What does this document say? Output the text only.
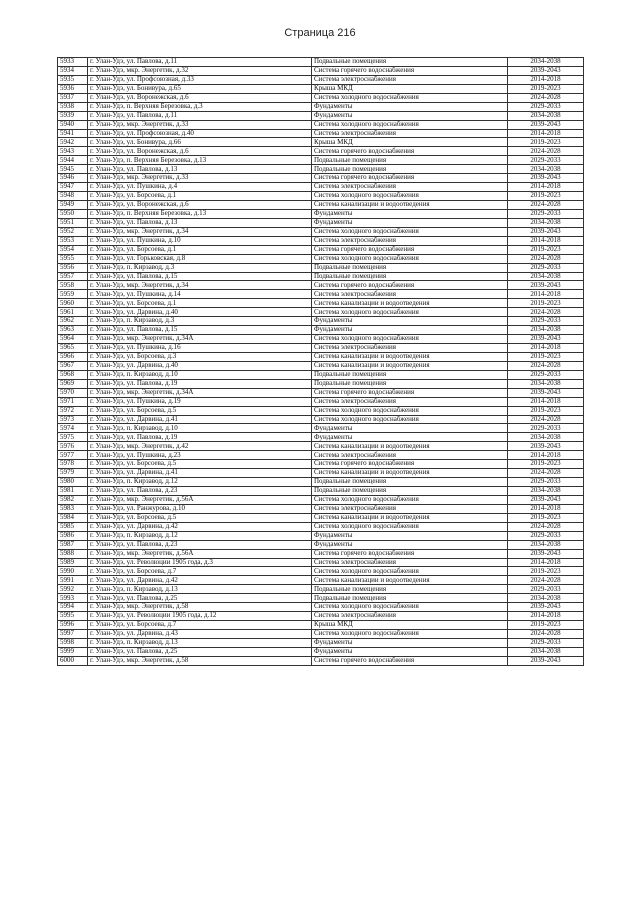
Страница 216
5933	г. Улан-Удэ, ул. Павлова, д.11	Подвальные помещения	2034-2038
5934	г. Улан-Удэ, мкр. Энергетик, д.32	Система горячего водоснабжения	2039-2043
5935	г. Улан-Удэ, ул. Профсоюзная, д.33	Система электроснабжения	2014-2018
5936	г. Улан-Удэ, ул. Бонивура, д.65	Крыша МКД	2019-2023
5937	г. Улан-Удэ, ул. Воронежская, д.6	Система холодного водоснабжения	2024-2028
5938	г. Улан-Удэ, п. Верхняя Березовка, д.3	Фундаменты	2029-2033
5939	г. Улан-Удэ, ул. Павлова, д.11	Фундаменты	2034-2038
5940	г. Улан-Удэ, мкр. Энергетик, д.33	Система холодного водоснабжения	2039-2043
5941	г. Улан-Удэ, ул. Профсоюзная, д.40	Система электроснабжения	2014-2018
5942	г. Улан-Удэ, ул. Бонивура, д.66	Крыша МКД	2019-2023
5943	г. Улан-Удэ, ул. Воронежская, д.6	Система горячего водоснабжения	2024-2028
5944	г. Улан-Удэ, п. Верхняя Березовка, д.13	Подвальные помещения	2029-2033
5945	г. Улан-Удэ, ул. Павлова, д.13	Подвальные помещения	2034-2038
5946	г. Улан-Удэ, мкр. Энергетик, д.33	Система горячего водоснабжения	2039-2043
5947	г. Улан-Удэ, ул. Пушкина, д.4	Система электроснабжения	2014-2018
5948	г. Улан-Удэ, ул. Борсоева, д.1	Система холодного водоснабжения	2019-2023
5949	г. Улан-Удэ, ул. Воронежская, д.6	Система канализации и водоотведения	2024-2028
5950	г. Улан-Удэ, п. Верхняя Березовка, д.13	Фундаменты	2029-2033
5951	г. Улан-Удэ, ул. Павлова, д.13	Фундаменты	2034-2038
5952	г. Улан-Удэ, мкр. Энергетик, д.34	Система холодного водоснабжения	2039-2043
5953	г. Улан-Удэ, ул. Пушкина, д.10	Система электроснабжения	2014-2018
5954	г. Улан-Удэ, ул. Борсоева, д.1	Система горячего водоснабжения	2019-2023
5955	г. Улан-Удэ, ул. Горьковская, д.8	Система холодного водоснабжения	2024-2028
5956	г. Улан-Удэ, п. Кирзавод, д.3	Подвальные помещения	2029-2033
5957	г. Улан-Удэ, ул. Павлова, д.15	Подвальные помещения	2034-2038
5958	г. Улан-Удэ, мкр. Энергетик, д.34	Система горячего водоснабжения	2039-2043
5959	г. Улан-Удэ, ул. Пушкина, д.14	Система электроснабжения	2014-2018
5960	г. Улан-Удэ, ул. Борсоева, д.1	Система канализации и водоотведения	2019-2023
5961	г. Улан-Удэ, ул. Дарвина, д.40	Система холодного водоснабжения	2024-2028
5962	г. Улан-Удэ, п. Кирзавод, д.3	Фундаменты	2029-2033
5963	г. Улан-Удэ, ул. Павлова, д.15	Фундаменты	2034-2038
5964	г. Улан-Удэ, мкр. Энергетик, д.34А	Система холодного водоснабжения	2039-2043
5965	г. Улан-Удэ, ул. Пушкина, д.16	Система электроснабжения	2014-2018
5966	г. Улан-Удэ, ул. Борсоева, д.3	Система канализации и водоотведения	2019-2023
5967	г. Улан-Удэ, ул. Дарвина, д.40	Система канализации и водоотведения	2024-2028
5968	г. Улан-Удэ, п. Кирзавод, д.10	Подвальные помещения	2029-2033
5969	г. Улан-Удэ, ул. Павлова, д.19	Подвальные помещения	2034-2038
5970	г. Улан-Удэ, мкр. Энергетик, д.34А	Система горячего водоснабжения	2039-2043
5971	г. Улан-Удэ, ул. Пушкина, д.19	Система электроснабжения	2014-2018
5972	г. Улан-Удэ, ул. Борсоева, д.5	Система холодного водоснабжения	2019-2023
5973	г. Улан-Удэ, ул. Дарвина, д.41	Система холодного водоснабжения	2024-2028
5974	г. Улан-Удэ, п. Кирзавод, д.10	Фундаменты	2029-2033
5975	г. Улан-Удэ, ул. Павлова, д.19	Фундаменты	2034-2038
5976	г. Улан-Удэ, мкр. Энергетик, д.42	Система канализации и водоотведения	2039-2043
5977	г. Улан-Удэ, ул. Пушкина, д.23	Система электроснабжения	2014-2018
5978	г. Улан-Удэ, ул. Борсоева, д.5	Система горячего водоснабжения	2019-2023
5979	г. Улан-Удэ, ул. Дарвина, д.41	Система канализации и водоотведения	2024-2028
5980	г. Улан-Удэ, п. Кирзавод, д.12	Подвальные помещения	2029-2033
5981	г. Улан-Удэ, ул. Павлова, д.23	Подвальные помещения	2034-2038
5982	г. Улан-Удэ, мкр. Энергетик, д.56А	Система холодного водоснабжения	2039-2043
5983	г. Улан-Удэ, ул. Ранжурова, д.10	Система электроснабжения	2014-2018
5984	г. Улан-Удэ, ул. Борсоева, д.5	Система канализации и водоотведения	2019-2023
5985	г. Улан-Удэ, ул. Дарвина, д.42	Система холодного водоснабжения	2024-2028
5986	г. Улан-Удэ, п. Кирзавод, д.12	Фундаменты	2029-2033
5987	г. Улан-Удэ, ул. Павлова, д.23	Фундаменты	2034-2038
5988	г. Улан-Удэ, мкр. Энергетик, д.56А	Система горячего водоснабжения	2039-2043
5989	г. Улан-Удэ, ул. Революции 1905 года, д.3	Система электроснабжения	2014-2018
5990	г. Улан-Удэ, ул. Борсоева, д.7	Система холодного водоснабжения	2019-2023
5991	г. Улан-Удэ, ул. Дарвина, д.42	Система канализации и водоотведения	2024-2028
5992	г. Улан-Удэ, п. Кирзавод, д.13	Подвальные помещения	2029-2033
5993	г. Улан-Удэ, ул. Павлова, д.25	Подвальные помещения	2034-2038
5994	г. Улан-Удэ, мкр. Энергетик, д.58	Система холодного водоснабжения	2039-2043
5995	г. Улан-Удэ, ул. Революции 1905 года, д.12	Система электроснабжения	2014-2018
5996	г. Улан-Удэ, ул. Борсоева, д.7	Крыша МКД	2019-2023
5997	г. Улан-Удэ, ул. Дарвина, д.43	Система холодного водоснабжения	2024-2028
5998	г. Улан-Удэ, п. Кирзавод, д.13	Фундаменты	2029-2033
5999	г. Улан-Удэ, ул. Павлова, д.25	Фундаменты	2034-2038
6000	г. Улан-Удэ, мкр. Энергетик, д.58	Система горячего водоснабжения	2039-2043
